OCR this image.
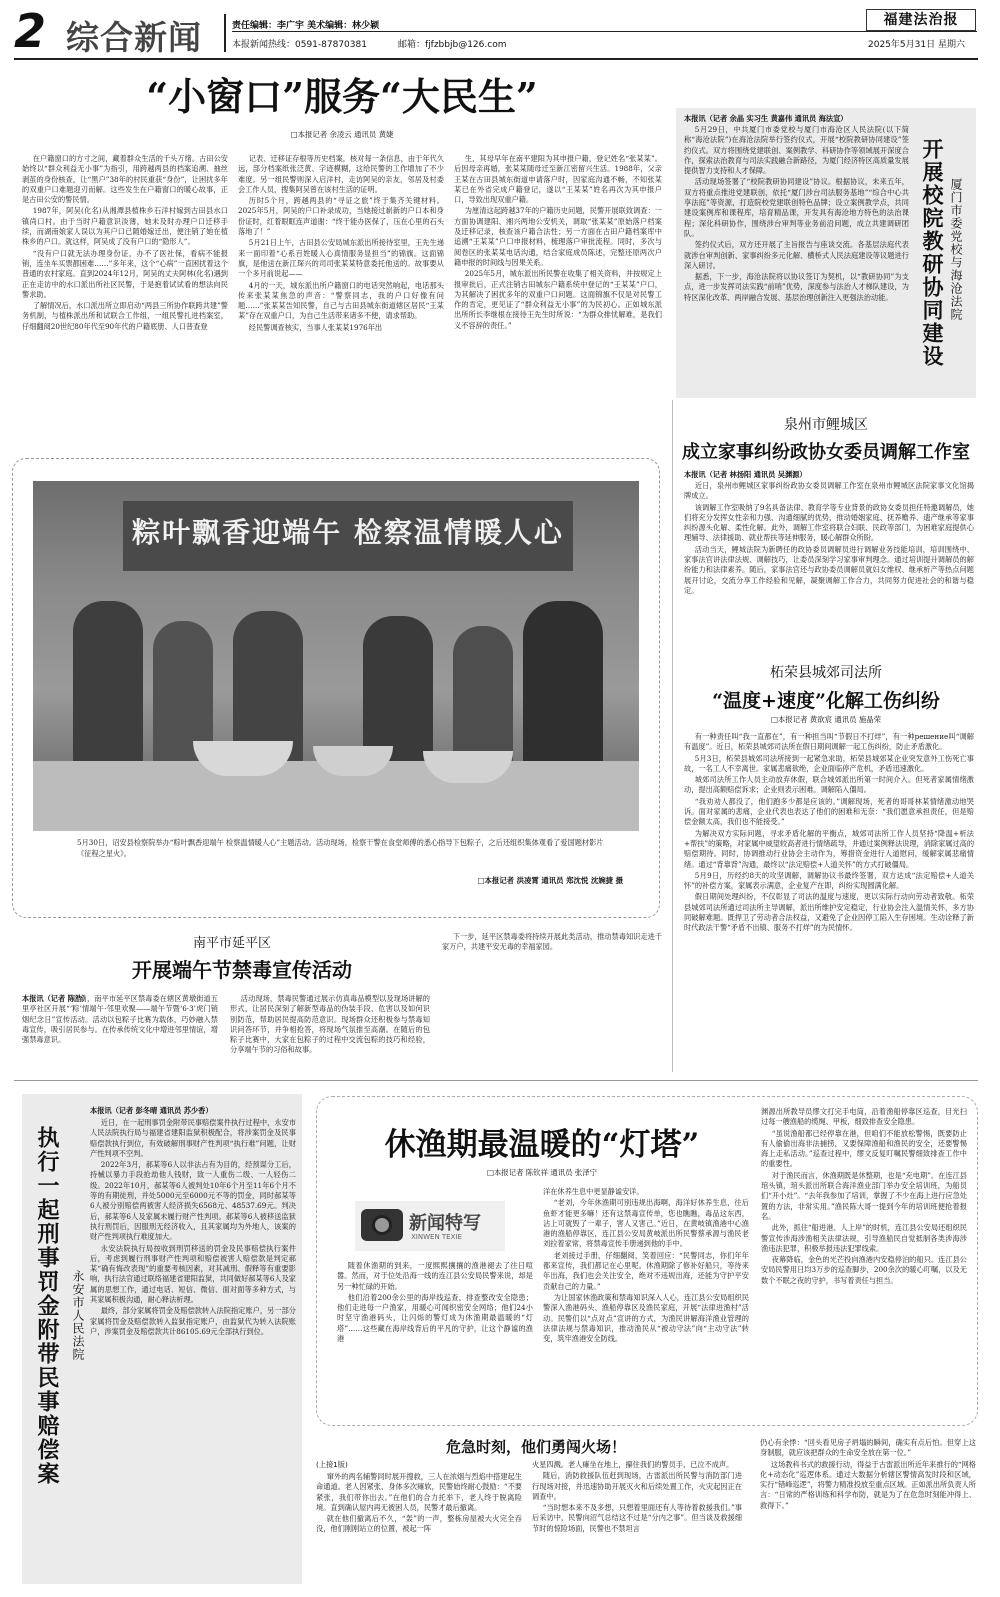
2 综合新闻	责任编辑：李广宇 美术编辑：林少颖
本报新闻热线：0591-87870381	邮箱：fjfzbbjb@126.com
福建法治报
2025年5月31日 星期六
“小窗口”服务“大民生”
□本报记者 余凌云 通讯员 黄婕

在户籍窗口的方寸之间，藏着群众生活的千头万绪。古田公安始终以“群众利益无小事”为指引，用跨越两县的档案追溯、抽丝剥茧的身份核查，让“黑户”38年的村民重获“身份”，让困扰多年的双重户口难题迎刃而解。这些发生在户籍窗口的暖心故事，正是古田公安的警民情。

1987年，阿吴(化名)从湘潭县植株乡石洋村嫁到古田县水口镇尚口村。由于当时户籍意识淡薄，她未及时办理户口迁移手续，而湖南娘家人误以为其户口已随婚嫁迁出，便注销了她在植株乡的户口。就这样，阿吴成了没有户口的“隐形人”。

“没有户口就无法办理身份证，办不了医社保，看病不能报销，连坐车买票都困难……”多年来，这个“心病”一直困扰着这个普通的农村家庭。直到2024年12月，阿吴的丈夫阿林(化名)遇到正在走访中的水口派出所社区民警，于是抱着试试看的想法向民警求助。

了解情况后，水口派出所立即启动“两县三所协作联跨共建”警务机制，与植株派出所和试联合工作组，一组民警扎进档案室，仔细翻阅20世纪80年代至90年代的户籍底册、人口普查登

记表、迁移证存根等历史档案，核对每一条信息，由于年代久远，部分档案纸张泛黄、字迹模糊，这给民警的工作增加了不少难度。另一组民警则深入启洋村，走访阿吴的亲友、邻居及村委会工作人员，搜集阿吴曾在该村生活的证明。

历时5个月，跨越两县的“寻证之旅”终于集齐关键材料。2025年5月，阿吴的户口补录成功，当她接过崭新的户口本和身份证时，红着眼眶连声道谢：“终于能办医保了，压在心里的石头落地了！”

5月21日上午，古田县公安局城东派出所接待室里，王先生递来一面印着“心系百姓暖人心真情服务显担当”的锦旗。这面锦旗，是他送在新江琛兴的司司张某某特意委托他送的。故事要从一个多月前说起——

4月的一天，城东派出所户籍窗口的电话突然响起，电话那头传来张某某焦急的声音：“警察同志，我的户口好像有问题……”张某某告知民警，自己与古田县城东街道辖区居民“王某某”存在双重户口，为自己生活带来诸多不便，请求帮助。

经民警调查核实，当事人张某某1976年出

生，其母早年在南平建阳为其申报户籍，登记姓名“张某某”。后因母亲再婚，张某某随母迁至新江密留兴生活。1988年，父亲王某在古田县城东街道申请落户时，因家庭沟通不畅，不知张某某已在外省完成户籍登记，遂以“王某某”姓名再次为其申报户口，导致出现双重户籍。

为厘清这起跨越37年的户籍历史问题，民警开展联致调查：一方面协调建阳、湘兴两地公安机关，调取“张某某”原始落户档案及迁移记录，核查该户籍合法性；另一方面在古田户籍档案库中追溯“王某某”户口申报材料，梳理落户审批流程。同时，多次与阅卷区的张某某电话沟通，结合家庭成员陈述，完整还原两次户籍申报的时间线与因果关系。

2025年5月，城东派出所民警在收集了相关资料，并按规定上报审批后，正式注销古田城东户籍系统中登记的“王某某”户口，为其解决了困扰多年的双重户口问题。这面锦旗不仅是对民警工作的肯定，更见证了“群众利益无小事”的为民初心。正如城东派出所所长李继根在接待王先生时所说：“为群众排忧解难，是我们义不容辞的责任。”

本报讯（记者 余晶 实习生 黄嘉伟 通讯员 海法宣）

5月29日，中共厦门市委党校与厦门市海沧区人民法院(以下简称“海沧法院”)在海沧法院举行签约仪式，开展“校院教研协同建设”签约仪式。双方将围绕党建联创、案例教学、科研协作等领域展开深度合作，探索法治教育与司法实践融合新路径，为厦门经济特区高质量发展提供智力支持和人才保障。

活动现场签署了“校院教研协同建设”协议。根据协议，未来五年，双方将重点推进党建联创，依托“厦门涉台司法服务基地”“综合中心共享法庭”等资源，打造院校党建联创特色品牌；设立案例教学点，共同建设案例库和课程库，培育精品课，开发具有海沧地方特色的法治课程；深化科研协作，围绕涉台审判等业务前沿问题，成立共建调研团队。

签约仪式后，双方还开展了主旨报告与座谈交流。各基层法庭代表就涉台审判创新、家事纠纷多元化解、横桥式人民法庭建设等议题进行深入研讨。

据悉，下一步，海沧法院将以协议签订为契机，以“教研协同”为支点，进一步发挥司法实践“前哨”优势，深度参与法治人才梯队建设，为特区深化改革、两岸融合发展、基层治理创新注入更强法治动能。	开展校院教研协同建设 厦门市委党校与海沧法院
泉州市鲤城区
成立家事纠纷政协女委员调解工作室
本报讯（记者 林扬阳 通讯员 吴渊源）

近日，泉州市鲤城区家事纠纷政协女委员调解工作室在泉州市鲤城区法院家事文化馆揭牌成立。

该调解工作室吸纳了9名具备法律、教育学等专业背景的政协女委员担任特邀调解员，她们将充分发挥女性亲和力强、沟通细腻的优势，推动婚姻家庭、抚养赡养、遗产继承等家事纠纷源头化解、柔性化解。此外，调解工作室将联合妇联、民政等部门，为困难家庭提供心理辅导、法律援助、就业帮扶等延伸服务，暖心解群众所盼。

活动当天，鲤城法院为新聘任的政协委员调解员进行调解业务技能培训，培训围绕中、家事法官讲法律法规、调解技巧，让委员深刻学习家事审判理念。通过培训提升调解员的解纷能力和法律素养。随后，家事法官还与政协委员调解员就妇女维权、继承析产等热点问题展开讨论，交流分享工作经验和见解，凝聚调解工作合力，共同努力促进社会的和谐与稳定。

柘荣县城郊司法所
“温度+速度”化解工伤纠纷
□本报记者 黄欲宸 通讯员 施晶荣

有一种责任叫“我一直都在”，有一种担当叫“节假日不打烊”，有一种решение叫“调解有温度”。近日，柘荣县城郊司法所在假日期间调解一起工伤纠纷，防止矛盾激化。

5月3日，柘荣县城郊司法所接到一起紧急求助，柘荣县城郊某企业突发意外工伤死亡事故，一名工人不幸离世。家属悲痛欲绝，企业面临停产危机，矛盾迅速激化。

城郊司法所工作人员主动放弃休假，联合城郊派出所第一时间介入。但死者家属情绪激动，提出高额赔偿诉求；企业则表示困难。调解陷入僵局。

“我劝劝人都没了，他们跑多少都是应该的。”调解现场，死者的哥哥林某情绪激动地哭诉。面对家属的悲痛，企业代表也表达了他们的困难和无奈：“我们愿意承担责任，但是赔偿金额太高，我们也不能接受。”

为解决双方实际问题，寻求矛盾化解的平衡点，城郊司法所工作人员坚持“降温+析法+帮扶”的策略，对家属中威望较高者进行情绪疏导，并通过案例释法说理，消除家属过高的赔偿期待。同时，协调推动行业协会主动作为，筹措资金进行人道慰问，缓解家属悲痛情绪。通过“背靠背”沟通，最终以“法定赔偿+人道关怀”的方式打破僵局。

5月9日，历经约8天的攻坚调解，调解协议书最终签署，双方达成“法定赔偿+人道关怀”的补偿方案，家属表示满意，企业复产在即，纠纷实现圆满化解。

假日期间处理纠纷，不仅彰显了司法的温度与速度，更以实际行动向劳动者致敬。柘荣县城郊司法所通过司法所主导调解，派出所维护安定稳定，行业协会注入温情关怀，多方协同破解难题。既捍卫了劳动者合法权益，又避免了企业因停工陷入生存困境。生动诠释了新时代政法干警“矛盾不出镇、服务不打烊”的为民情怀。

粽叶飘香迎端午 检察温情暖人心
5月30日，诏安县检察院举办“粽叶飘香迎端午 检察温情暖人心”主题活动。活动现场，检察干警在食堂师傅的悉心指导下包粽子，之后还组织集体观看了爱国题材影片《征程之星火》。
□本报记者 洪凌霄 通讯员 郑沈悦 沈婉捷 摄
南平市延平区
开展端午节禁毒宣传活动
本报讯（记者 陈浩）

日前，南平市延平区禁毒委在辖区黄墩街道五里亭社区开展“‘粽’情端午·邻里欢聚——端午节暨‘6·3’虎门销烟纪念日”宣传活动。活动以包粽子比赛为载体，巧妙融入禁毒宣传，吸引居民参与。在传承传统文化中增进邻里情谊，增强禁毒意识。

活动现场，禁毒民警通过展示仿真毒品模型以及现场讲解的形式，让居民深刻了解新型毒品的伪装手段、危害以及如何识别防范，帮助居民提高防范意识。现场群众还积极参与禁毒知识问答环节，并争相抢答，将现场气氛推至高潮。在随后的包粽子比赛中，大家在包粽子的过程中交流包粽的技巧和经验，分享端午节的习俗和故事。

下一步，延平区禁毒委将持续开展此类活动，推动禁毒知识走进千家万户，共建平安无毒的幸福家园。

执行一起刑事罚金附带民事赔偿案 永安市人民法院
本报讯（记者 彭冬晴 通讯员 苏少香）

近日，在一起刑事罚金附带民事赔偿案件执行过程中，永安市人民法院执行局与福建省建阳监狱积极配合，将涉案罚金及民事赔偿款执行到位，有效破解刑事财产性判项“执行难”问题，让财产性判项不空判。

2022年3月，郝某等6人以非法占有为目的，经预谋分工后，持械以暴力手段抢劫他人钱财，致一人重伤二级、一人轻伤二级。2022年10月，郝某等6人被判处10年6个月至11年6个月不等的有期徒刑，并处5000元至6000元不等的罚金，同时郝某等6人被分别赔偿两被害人经济损失6568元、48537.69元。判决后，郝某等6人及家属未履行财产性判项。郝某等6人被移送监狱执行刑罚后，因服刑无经济收入，且其家属均为外地人，该案的财产性判项执行难度加大。

永安法院执行局按收到刑罚移送的罚金及民事赔偿执行案件后，考虑到履行刑事财产性判项和赔偿被害人赔偿款是判定郝某“确有悔改表现”的重要考核因素，对其减刑、假释等有重要影响，执行法官通过联络福建省建阳监狱，共同做好郝某等6人及家属的思想工作，通过电话、短信、微信、面对面等多种方式，与其家属积极沟通，耐心释法析理。

最终，部分家属将罚金及赔偿款转入法院指定账户，另一部分家属将罚金及赔偿款转入监狱指定账户，由监狱代为转入法院账户，涉案罚金及赔偿款共计86105.69元全部执行到位。

休渔期最温暖的“灯塔”
□本报记者 陈钦祥 通讯员 张泽宁
新闻特写
XINWEN TEXIE

随着休渔期的到来，一度熙熙攘攘的渔港褪去了往日喧嚣。然而，对于位处沿海一线的连江县公安局民警来说，却是另一种忙碌的开始。

他们沿着200余公里的海岸线巡查，排查整改安全隐患；他们走进每一户渔家，用暖心可闻织密安全网络；他们24小时坚守渔港码头，让闪烁的警灯成为休渔期最温暖的“灯塔”……这些藏在海岸线背后的平凡的守护，让这个静谧的渔港

洋在休养生息中更显静谧安详。

“老刘，今年休渔期可别违规出海啊，海洋好休养生息，往后鱼虾才能更多嘛！还有这禁毒宣传单，您也瞧瞧，毒品这东西，沾上可就毁了一辈子，害人又害己。”近日，在黄岐镇渔港中心渔港的渔船停靠区，连江县公安局黄岐派出所民警蔡承源与渔民老刘拉着家常，将禁毒宣传手册递到他的手中。

老刘接过手册，仔细翻阅，笑着回应：“民警同志，你们年年都来宣传，我们都记在心里呢。休渔期除了修补好船只，等待来年出海，我们也会关注安全，绝对不违规出海，还能为守护平安贡献自己的力量。”

为让国家休渔政策和禁毒知识深入人心，连江县公安局组织民警深入渔港码头、渔船停靠区及渔民家庭，开展“法律进渔村”活动。民警们以“点对点”宣讲的方式，为渔民讲解海洋渔业管理的法律法规与禁毒知识，推动渔民从“被动守法”向“主动守法”转变，筑牢渔港安全防线。

渊源出所教导员缪文打完手电筒，沿着渔船停靠区巡查，目光扫过每一艘渔船的缆绳、甲板，细致排查安全隐患。

“虽说渔船都已经停靠在港，但咱们不能放松警惕，既要防止有人偷偷出海非法捕捞，又要保障渔船和渔民的安全，还要警惕海上走私活动。”巡查过程中，缪文反复叮嘱民警细致排查工作中的重要性。

对于渔民而言，休渔期既是休整期，也是“充电期”。在连江县琯头镇，琯头派出所联合海洋渔业部门举办安全培训班，为船员们“开小灶”。“去年我参加了培训，掌握了不少在海上进行应急处置的方法，非常实用。”渔民陈大哥一提到今年的培训班便抢着报名。

此外，抓住“船进港、人上岸”的时机，连江县公安局还组织民警宣传涉海涉渔相关法律法规，引导渔船民自觉抵制各类涉海涉渔违法犯罪，积极举报违法犯罪线索。

夜幕降临，金色的光芒投向渔港内安稳停泊的船只。连江县公安局民警用日均3万步的巡查脚步，200余次的暖心叮嘱，以及无数个不眠之夜的守护，书写着责任与担当。

危急时刻，他们勇闯火场！
(上接1版)

窜外的两名辅警同时展开搜救，三人在浓烟与烈焰中搭建起生命通道。老人因紧张、身体多次瘫软，民警始终耐心鼓励：“不要紧张，我们带你出去。”在他们的合力托举下，老人终于脱离险境。直到确认屋内再无被困人员，民警才最后撤离。

就在他们撤离后不久，“轰”的一声，整栋房屋被大火完全吞没，他们刚刚站立的位置，被起一阵

火星四溅。老人瘫坐在地上，攥住我们的警员手，已泣不成声。

随后，消防救援队伍赶到现场，古雷派出所民警与消防部门进行现场对接，并迅速协助开展灭火和后续处置工作，火灾起因正在调查中。

“当时想本来不及多想，只想着里面还有人等待着救援我们。”事后采访中，民警向沼气总结这不过是“分内之事”。但当谈及救援细节时的惊险场面，民警也不禁坦言

仍心有余悸：“回头看见房子坍塌的瞬间，确实有点后怕。但穿上这身制服，就应该把群众的生命安全放在第一位。”

这场教科书式的救援行动，得益于古雷派出所近年来推行的“网格化+动态化”巡逻体系。通过大数据分析辖区警情高发时段和区域，实行“错峰巡逻”，将警力精准投放至重点区域。正如派出所负责人所言：“日常的严格训练和科学布防，就是为了在危急时刻能冲得上、救得下。”
